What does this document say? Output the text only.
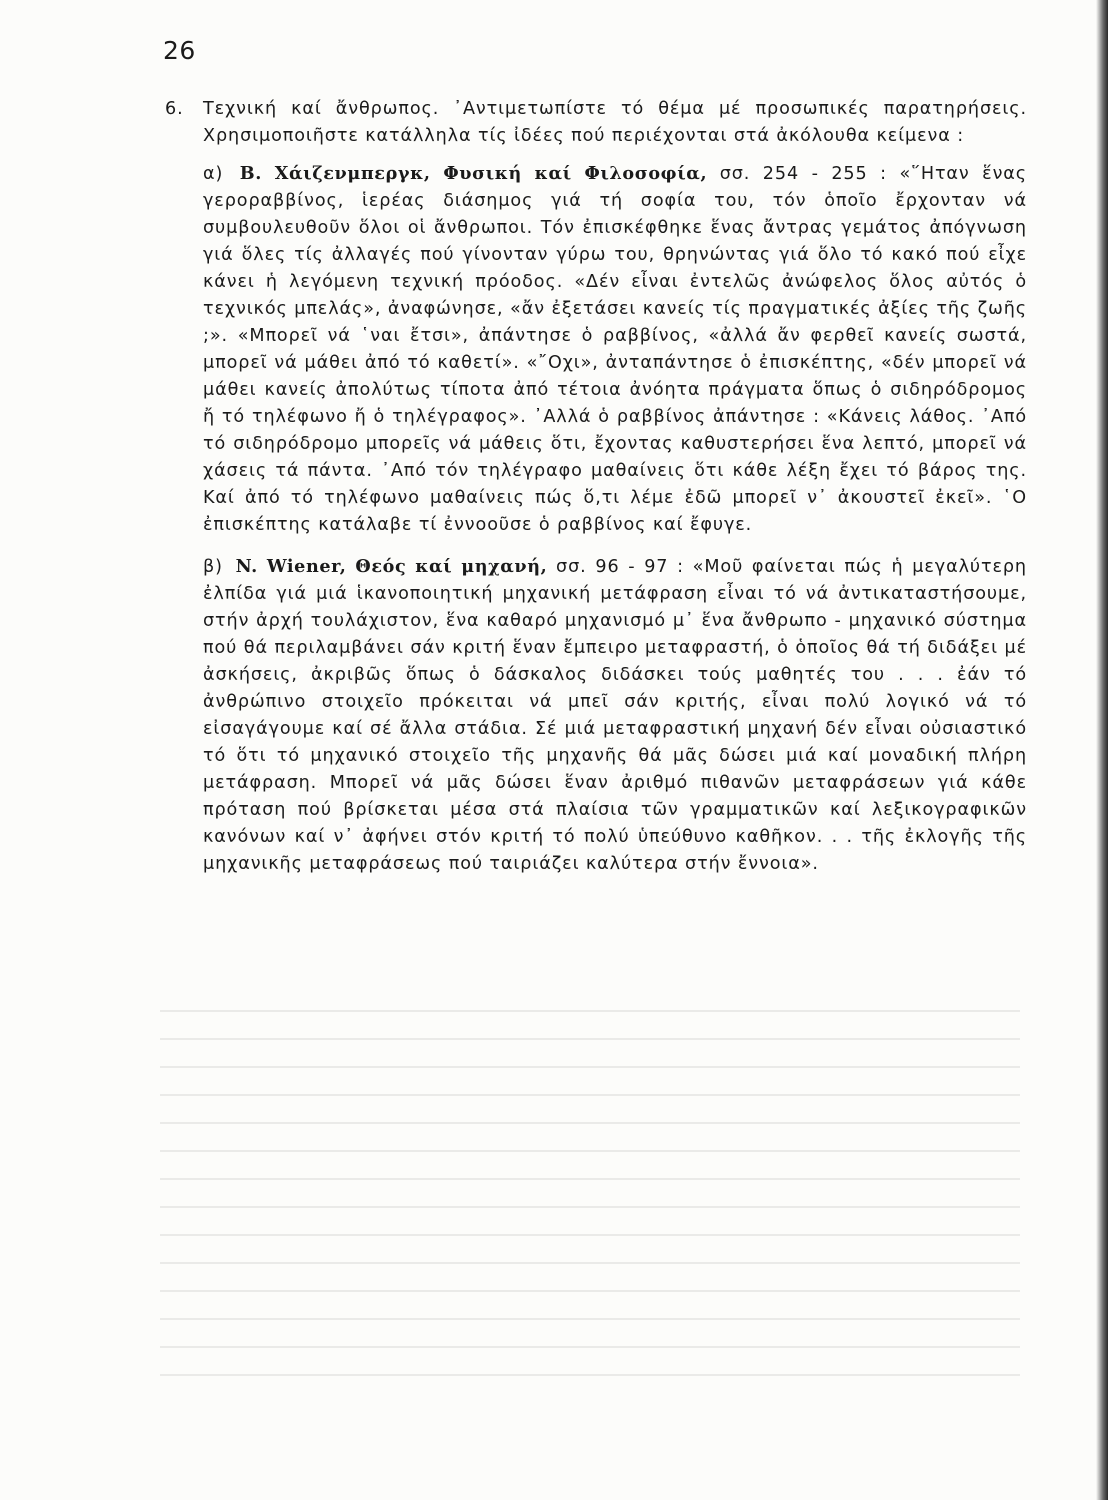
26
6.	Τεχνική καί ἄνθρωπος. ᾿Αντιμετωπίστε τό θέμα μέ προσωπικές παρατηρήσεις. Χρησιμοποιῆστε κατάλληλα τίς ἰδέες πού περιέχονται στά ἀκόλουθα κείμενα :

α) Β. Χάιζενμπεργκ, Φυσική καί Φιλοσοφία, σσ. 254 - 255 : «῞Ηταν ἕνας γεροραββίνος, ἱερέας διάσημος γιά τή σοφία του, τόν ὁποῖο ἔρχονταν νά συμβουλευθοῦν ὅλοι οἱ ἄνθρωποι. Τόν ἐπισκέφθηκε ἕνας ἄντρας γεμάτος ἀπόγνωση γιά ὅλες τίς ἀλλαγές πού γίνονταν γύρω του, θρηνώντας γιά ὅλο τό κακό πού εἶχε κάνει ἡ λεγόμενη τεχνική πρόοδος. «Δέν εἶναι ἐντελῶς ἀνώφελος ὅλος αὐτός ὁ τεχνικός μπελάς», ἀναφώνησε, «ἄν ἐξετάσει κανείς τίς πραγματικές ἀξίες τῆς ζωῆς ;». «Μπορεῖ νά ῾ναι ἔτσι», ἀπάντησε ὁ ραββίνος, «ἀλλά ἄν φερθεῖ κανείς σωστά, μπορεῖ νά μάθει ἀπό τό καθετί». «῎Οχι», ἀνταπάντησε ὁ ἐπισκέπτης, «δέν μπορεῖ νά μάθει κανείς ἀπολύτως τίποτα ἀπό τέτοια ἀνόητα πράγματα ὅπως ὁ σιδηρόδρομος ἤ τό τηλέφωνο ἤ ὁ τηλέγραφος». ᾿Αλλά ὁ ραββίνος ἀπάντησε : «Κάνεις λάθος. ᾿Από τό σιδηρόδρομο μπορεῖς νά μάθεις ὅτι, ἔχοντας καθυστερήσει ἕνα λεπτό, μπορεῖ νά χάσεις τά πάντα. ᾿Από τόν τηλέγραφο μαθαίνεις ὅτι κάθε λέξη ἔχει τό βάρος της. Καί ἀπό τό τηλέφωνο μαθαίνεις πώς ὅ,τι λέμε ἐδῶ μπορεῖ ν᾿ ἀκουστεῖ ἐκεῖ». ῾Ο ἐπισκέπτης κατάλαβε τί ἐννοοῦσε ὁ ραββίνος καί ἔφυγε.

β) N. Wiener, Θεός καί μηχανή, σσ. 96 - 97 : «Μοῦ φαίνεται πώς ἡ μεγαλύτερη ἐλπίδα γιά μιά ἱκανοποιητική μηχανική μετάφραση εἶναι τό νά ἀντικαταστήσουμε, στήν ἀρχή τουλάχιστον, ἕνα καθαρό μηχανισμό μ᾿ ἕνα ἄνθρωπο - μηχανικό σύστημα πού θά περιλαμβάνει σάν κριτή ἕναν ἔμπειρο μεταφραστή, ὁ ὁποῖος θά τή διδάξει μέ ἀσκήσεις, ἀκριβῶς ὅπως ὁ δάσκαλος διδάσκει τούς μαθητές του . . . ἐάν τό ἀνθρώπινο στοιχεῖο πρόκειται νά μπεῖ σάν κριτής, εἶναι πολύ λογικό νά τό εἰσαγάγουμε καί σέ ἄλλα στάδια. Σέ μιά μεταφραστική μηχανή δέν εἶναι οὐσιαστικό τό ὅτι τό μηχανικό στοιχεῖο τῆς μηχανῆς θά μᾶς δώσει μιά καί μοναδική πλήρη μετάφραση. Μπορεῖ νά μᾶς δώσει ἕναν ἀριθμό πιθανῶν μεταφράσεων γιά κάθε πρόταση πού βρίσκεται μέσα στά πλαίσια τῶν γραμματικῶν καί λεξικογραφικῶν κανόνων καί ν᾿ ἀφήνει στόν κριτή τό πολύ ὑπεύθυνο καθῆκον. . . τῆς ἐκλογῆς τῆς μηχανικῆς μεταφράσεως πού ταιριάζει καλύτερα στήν ἔννοια».
